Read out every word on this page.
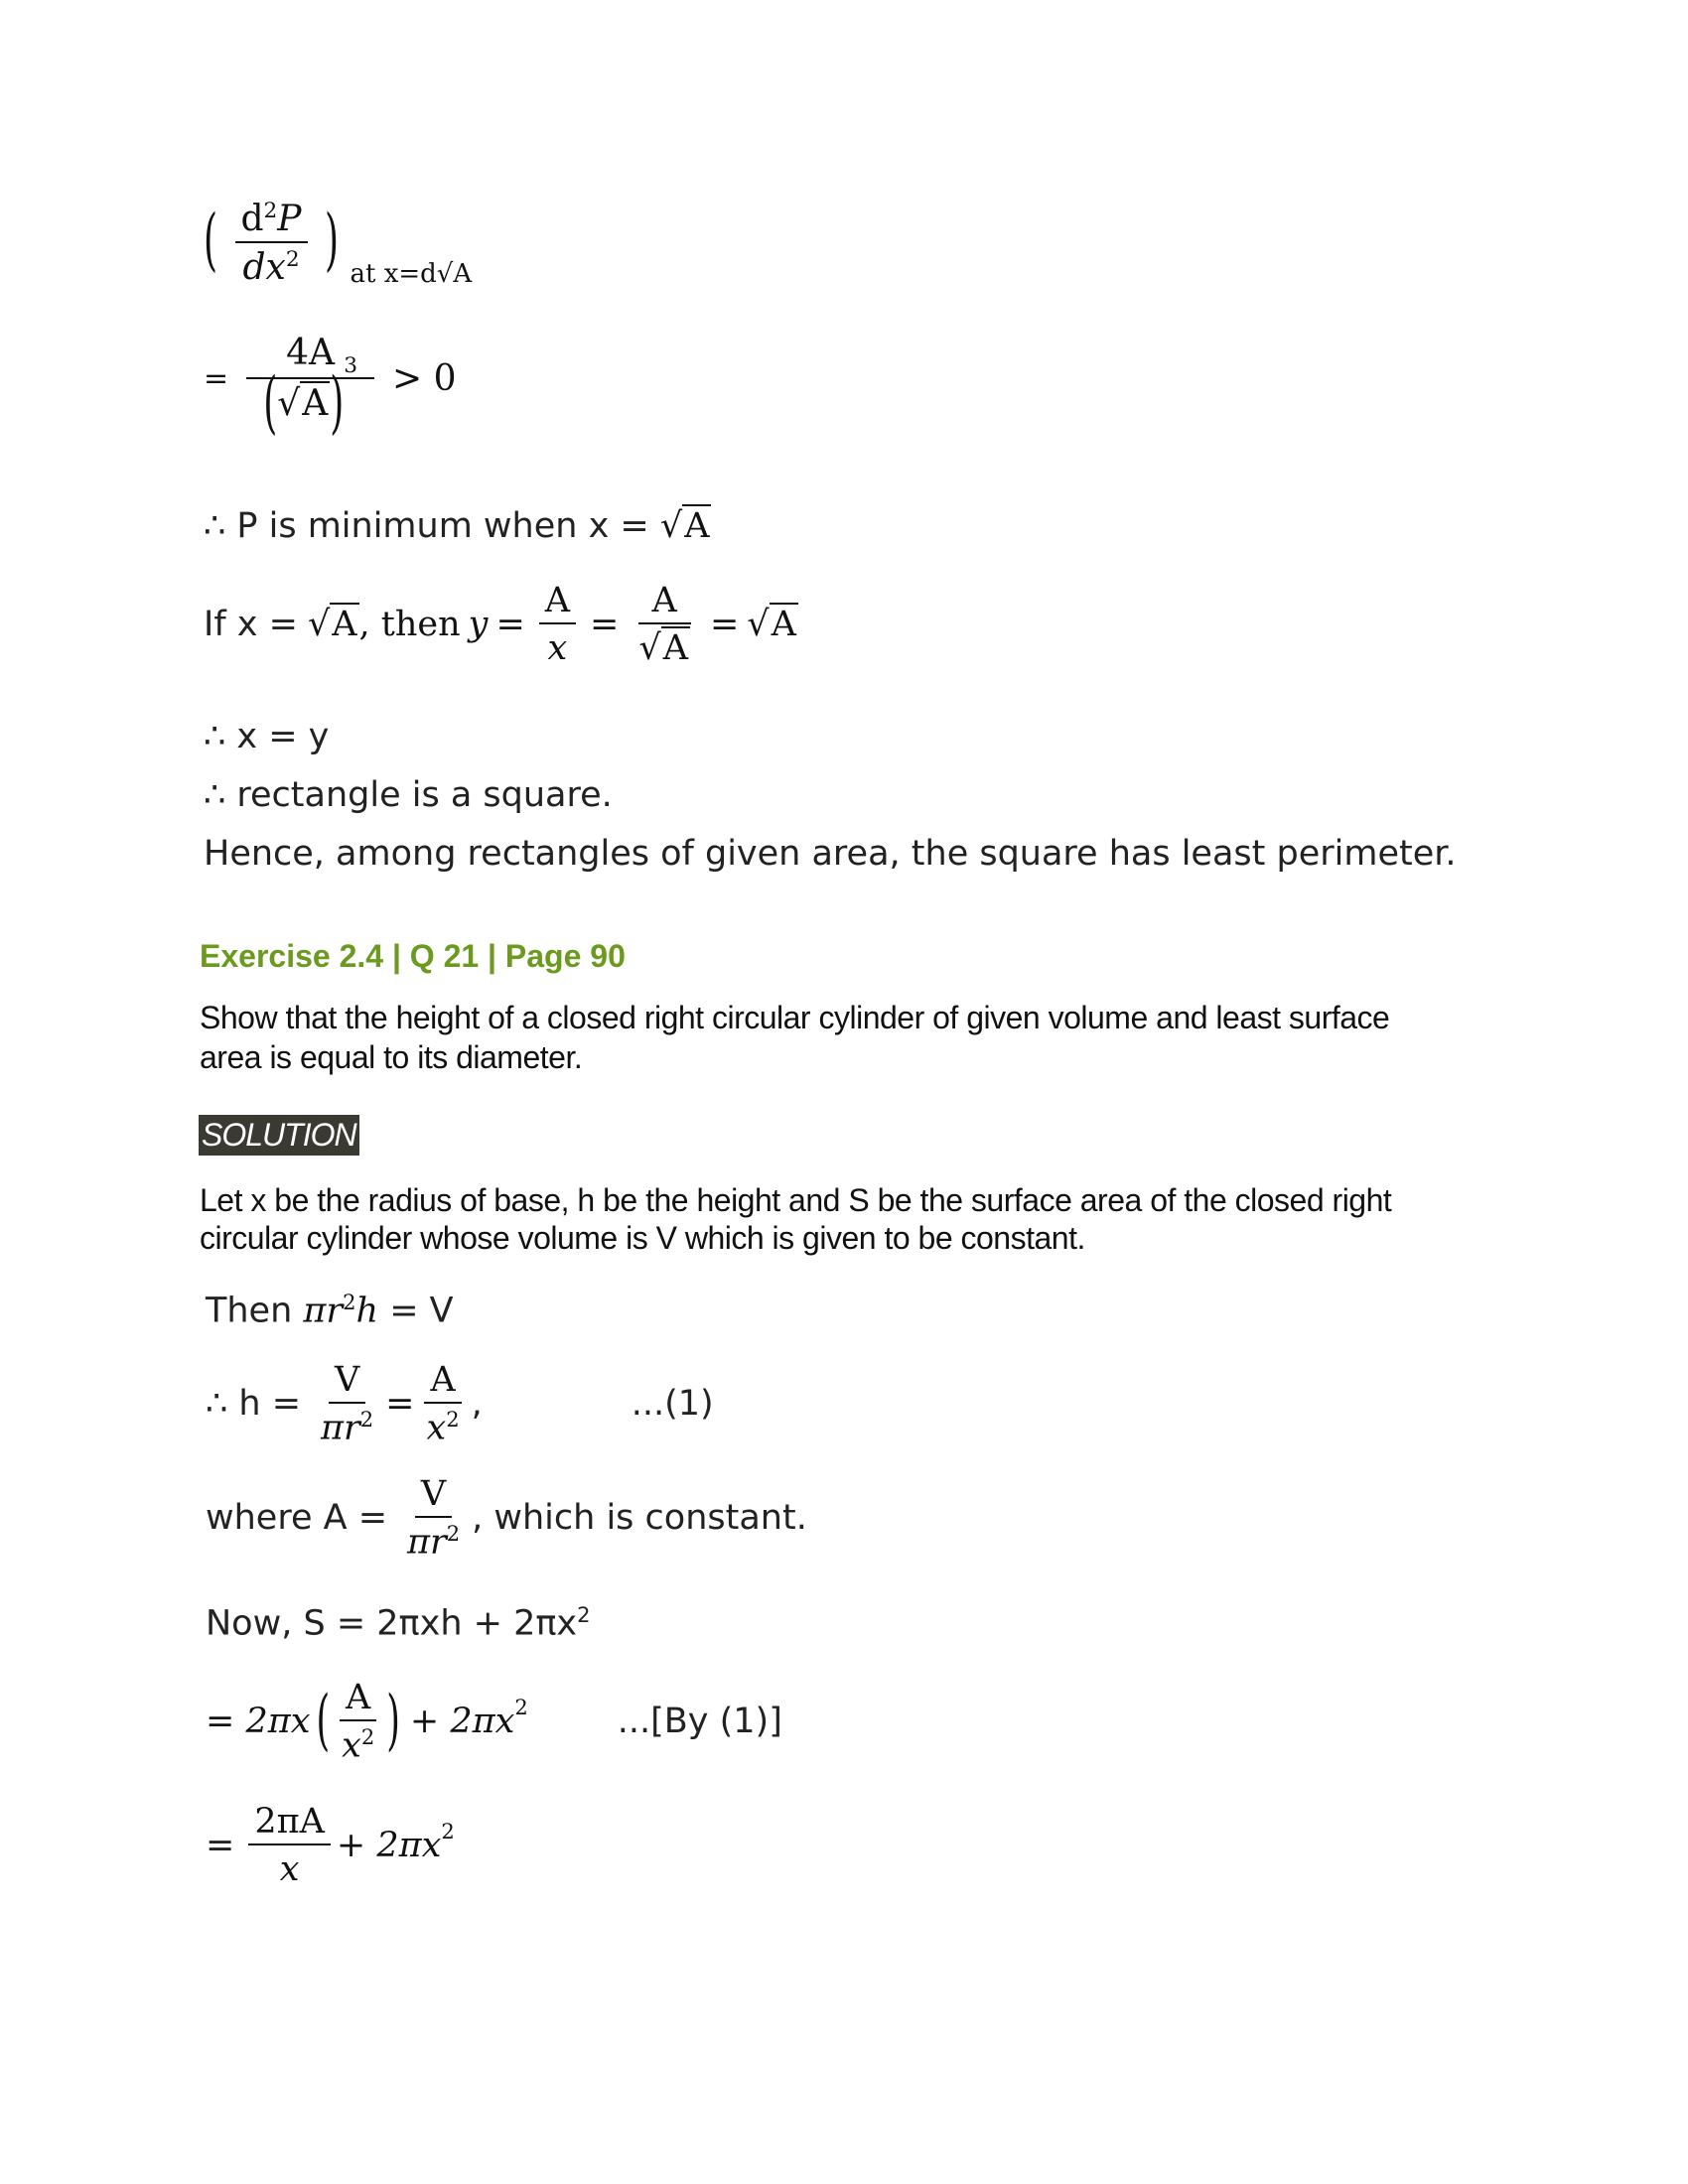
( $\frac{d^2P}{dx^2}$ ) $_{at x=d√A}$
= $\frac{4A}{(√A)^3} > 0$
∴ P is minimum when x = √A
If x = √A , then $y = \frac{A}{x} = \frac{A}{√A} = √A$
∴ x = y
∴ rectangle is a square.
Hence, among rectangles of given area, the square has least perimeter.
Exercise 2.4 | Q 21 | Page 90
Show that the height of a closed right circular cylinder of given volume and least surface
area is equal to its diameter.
SOLUTION
Let x be the radius of base, h be the height and S be the surface area of the closed right
circular cylinder whose volume is V which is given to be constant.
Then $\pi r^2h = V$
∴ $h = \frac{V}{\pi r^2} = \frac{A}{x^2}$ ,	...(1)
where $A = \frac{V}{\pi r^2}$ , which is constant.
Now, $S = 2\pi xh + 2\pi x^2$
= 2πx ( $\frac{A}{x^2}$ ) + $2\pi x^2$	...[By (1)]
= $\frac{2\pi A}{x} + 2\pi x^2$
